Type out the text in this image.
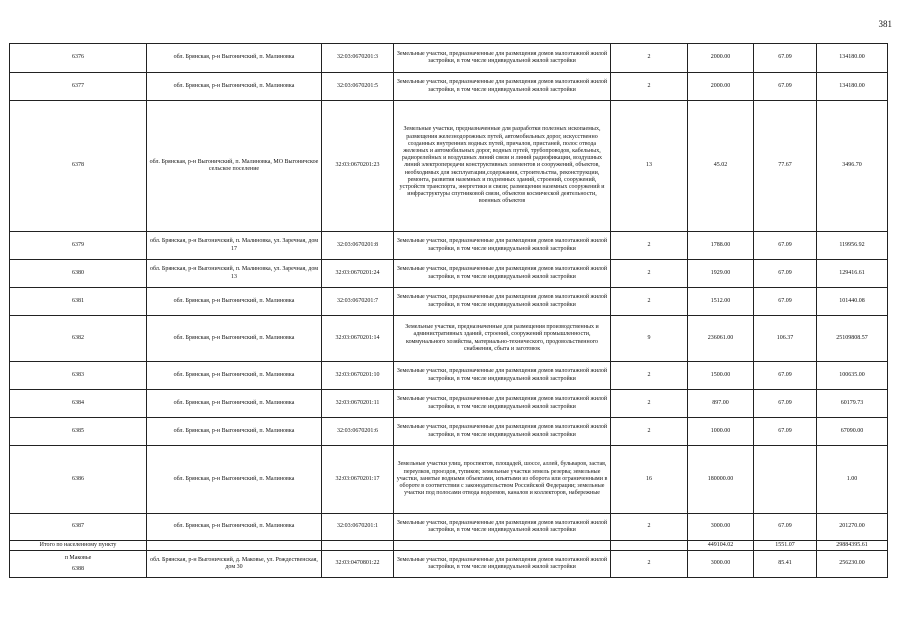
381
6376	обл. Брянская, р-н Выгоничский, п. Малиновка	32:03:0670201:3	Земельные участки, предназначенные для размещения домов малоэтажной жилой застройки, в том числе индивидуальной жилой застройки	2	2000.00	67.09	134180.00
6377	обл. Брянская, р-н Выгоничский, п. Малиновка	32:03:0670201:5	Земельные участки, предназначенные для размещения домов малоэтажной жилой застройки, в том числе индивидуальной жилой застройки	2	2000.00	67.09	134180.00
6378	обл. Брянская, р-н Выгоничский, п. Малиновка, МО Выгоничское сельское поселение	32:03:0670201:23	Земельные участки, предназначенные для разработки полезных ископаемых, размещения железнодорожных путей, автомобильных дорог, искусственно созданных внутренних водных путей, причалов, пристаней, полос отвода железных и автомобильных дорог, водных путей, трубопроводов, кабельных, радиорелейных и воздушных линий связи и линий радиофикации, воздушных линий электропередачи конструктивных элементов и сооружений, объектов, необходимых для эксплуатации,содержания, строительства, реконструкции, ремонта, развития наземных и подземных зданий, строений, сооружений, устройств транспорта, энергетики и связи; размещения наземных сооружений и инфраструктуры спутниковой связи, объектов космической деятельности, военных объектов	13	45.02	77.67	3496.70
6379	обл. Брянская, р-н Выгоничский, п. Малиновка, ул. Заречная, дом 17	32:03:0670201:8	Земельные участки, предназначенные для размещения домов малоэтажной жилой застройки, в том числе индивидуальной жилой застройки	2	1788.00	67.09	119956.92
6380	обл. Брянская, р-н Выгоничский, п. Малиновка, ул. Заречная, дом 13	32:03:0670201:24	Земельные участки, предназначенные для размещения домов малоэтажной жилой застройки, в том числе индивидуальной жилой застройки	2	1929.00	67.09	129416.61
6381	обл. Брянская, р-н Выгоничский, п. Малиновка	32:03:0670201:7	Земельные участки, предназначенные для размещения домов малоэтажной жилой застройки, в том числе индивидуальной жилой застройки	2	1512.00	67.09	101440.08
6382	обл. Брянская, р-н Выгоничский, п. Малиновка	32:03:0670201:14	Земельные участки, предназначенные для размещения производственных и административных зданий, строений, сооружений промышленности, коммунального хозяйства, материально-технического, продовольственного снабжения, сбыта и заготовок	9	236061.00	106.37	25109808.57
6383	обл. Брянская, р-н Выгоничский, п. Малиновка	32:03:0670201:10	Земельные участки, предназначенные для размещения домов малоэтажной жилой застройки, в том числе индивидуальной жилой застройки	2	1500.00	67.09	100635.00
6384	обл. Брянская, р-н Выгоничский, п. Малиновка	32:03:0670201:11	Земельные участки, предназначенные для размещения домов малоэтажной жилой застройки, в том числе индивидуальной жилой застройки	2	897.00	67.09	60179.73
6385	обл. Брянская, р-н Выгоничский, п. Малиновка	32:03:0670201:6	Земельные участки, предназначенные для размещения домов малоэтажной жилой застройки, в том числе индивидуальной жилой застройки	2	1000.00	67.09	67090.00
6386	обл. Брянская, р-н Выгоничский, п. Малиновка	32:03:0670201:17	Земельные участки улиц, проспектов, площадей, шоссе, аллей, бульваров, застав, переулков, проездов, тупиков; земельные участки земель резерва; земельные участки, занятые водными объектами, изъятыми из оборота или ограниченными в обороте в соответствии с законодательством Российской Федерации; земельные участки под полосами отвода водоемов, каналов и коллекторов, набережные	16	180000.00		1.00
6387	обл. Брянская, р-н Выгоничский, п. Малиновка	32:03:0670201:1	Земельные участки, предназначенные для размещения домов малоэтажной жилой застройки, в том числе индивидуальной жилой застройки	2	3000.00	67.09	201270.00
Итого по населенному пункту					449104.02	1551.07	29884395.61

п Маковье
6388	обл. Брянская, р-н Выгоничский, д. Маковье, ул. Рождественская, дом 30	32:03:0470801:22	Земельные участки, предназначенные для размещения домов малоэтажной жилой застройки, в том числе индивидуальной жилой застройки	2	3000.00	85.41	256230.00
